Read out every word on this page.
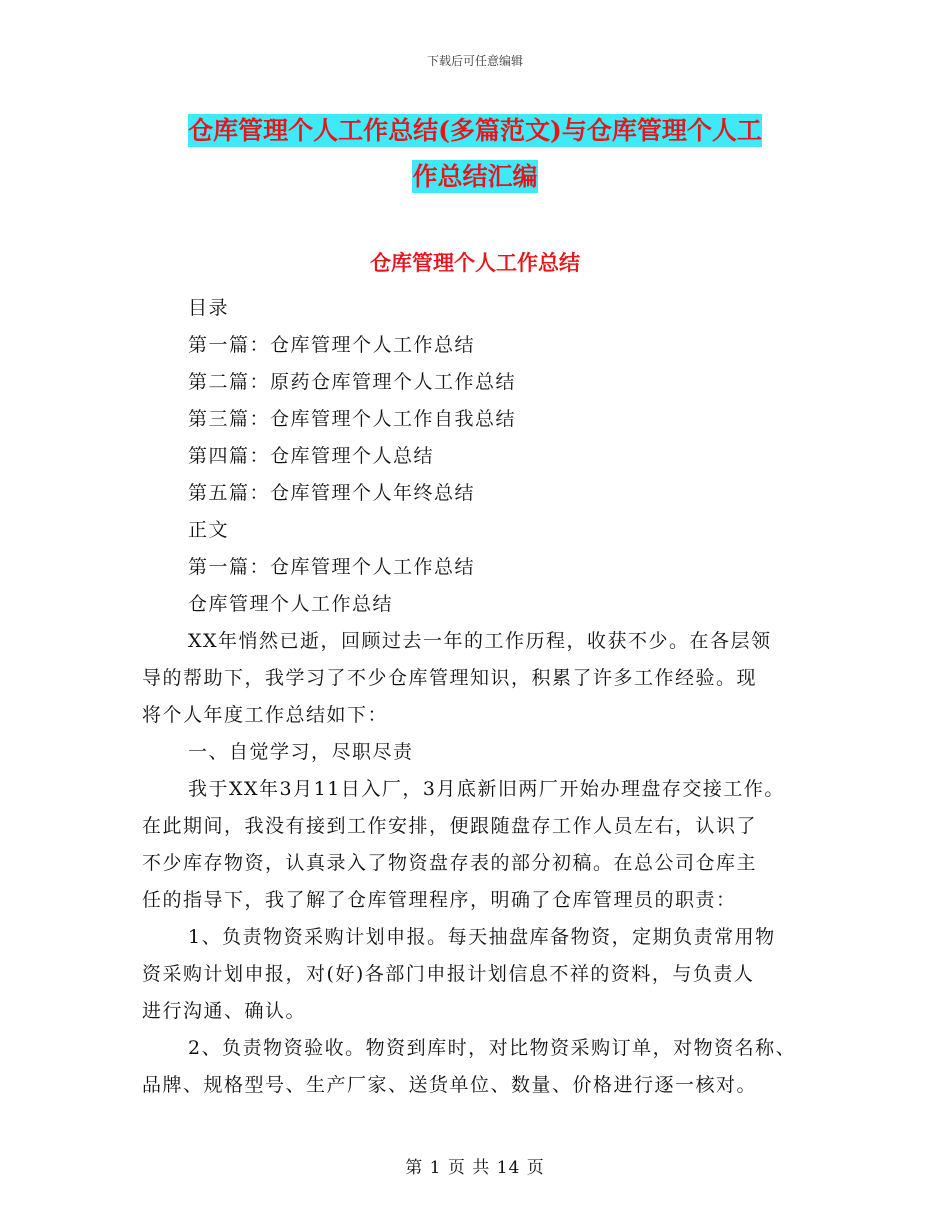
下载后可任意编辑
仓库管理个人工作总结(多篇范文)与仓库管理个人工
作总结汇编
仓库管理个人工作总结

目录

第一篇：仓库管理个人工作总结

第二篇：原药仓库管理个人工作总结

第三篇：仓库管理个人工作自我总结

第四篇：仓库管理个人总结

第五篇：仓库管理个人年终总结

正文

第一篇：仓库管理个人工作总结

仓库管理个人工作总结

XX年悄然已逝，回顾过去一年的工作历程，收获不少。在各层领

导的帮助下，我学习了不少仓库管理知识，积累了许多工作经验。现

将个人年度工作总结如下：

一、自觉学习，尽职尽责

我于XX年3月11日入厂，3月底新旧两厂开始办理盘存交接工作。

在此期间，我没有接到工作安排，便跟随盘存工作人员左右，认识了

不少库存物资，认真录入了物资盘存表的部分初稿。在总公司仓库主

任的指导下，我了解了仓库管理程序，明确了仓库管理员的职责：

1、负责物资采购计划申报。每天抽盘库备物资，定期负责常用物

资采购计划申报，对(好)各部门申报计划信息不祥的资料，与负责人

进行沟通、确认。

2、负责物资验收。物资到库时，对比物资采购订单，对物资名称、

品牌、规格型号、生产厂家、送货单位、数量、价格进行逐一核对。

第 1 页 共 14 页
